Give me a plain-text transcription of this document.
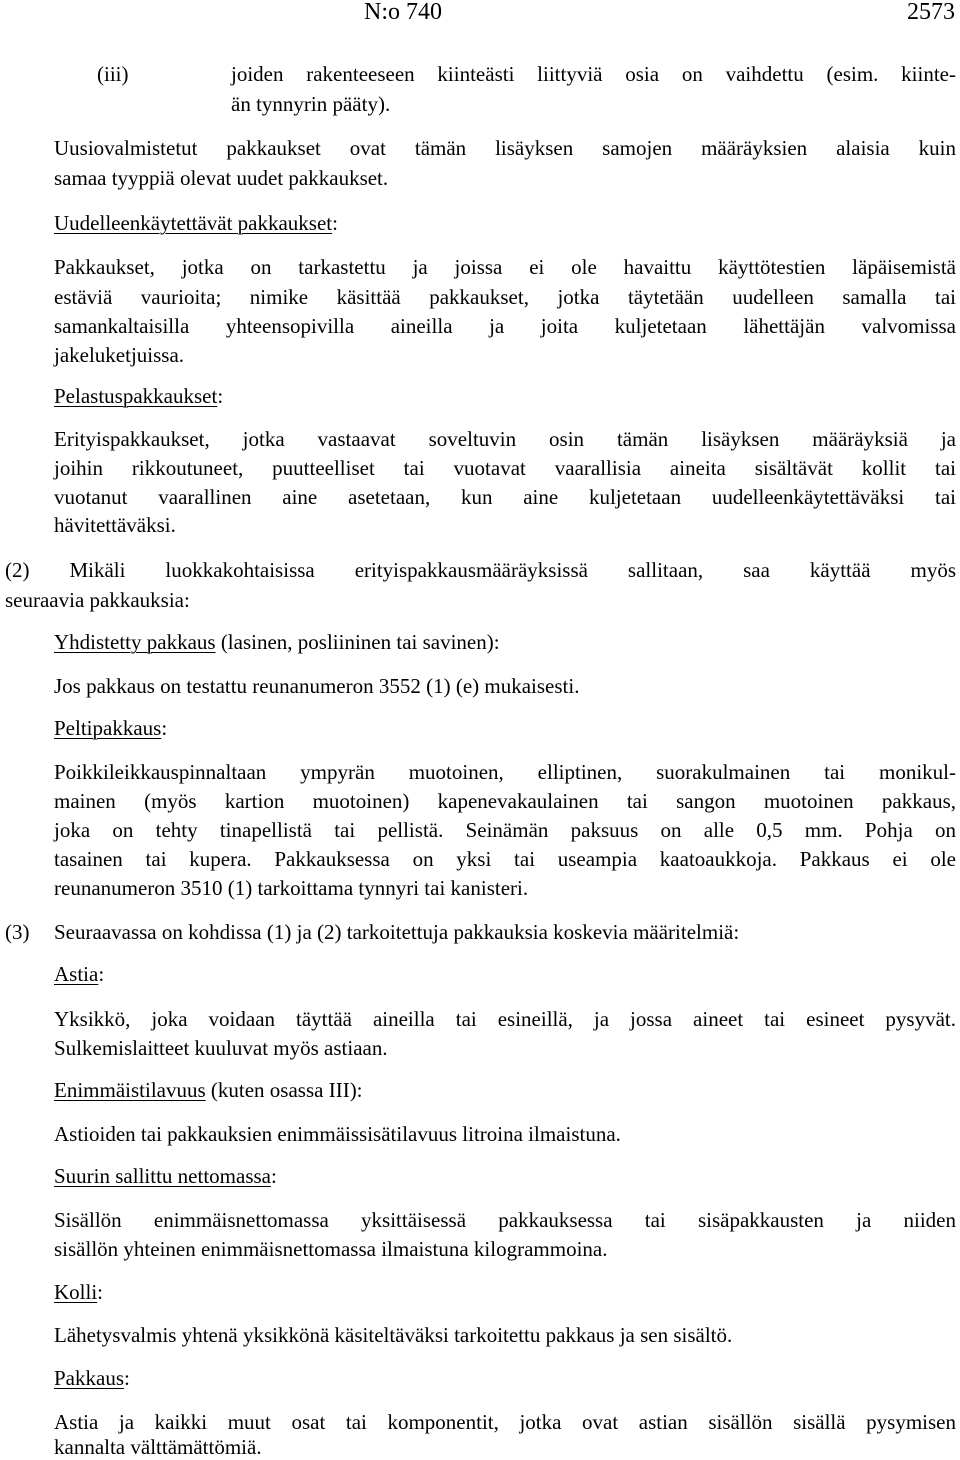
N:o 740	2573
(iii)	joiden rakenteeseen kiinteästi liittyviä osia on vaihdettu (esim. kiinte-
än tynnyrin pääty).
Uusiovalmistetut pakkaukset ovat tämän lisäyksen samojen määräyksien alaisia kuin
samaa tyyppiä olevat uudet pakkaukset.
Uudelleenkäytettävät pakkaukset:
Pakkaukset, jotka on tarkastettu ja joissa ei ole havaittu käyttötestien läpäisemistä
estäviä vaurioita; nimike käsittää pakkaukset, jotka täytetään uudelleen samalla tai
samankaltaisilla yhteensopivilla aineilla ja joita kuljetetaan lähettäjän valvomissa
jakeluketjuissa.
Pelastuspakkaukset:
Erityispakkaukset, jotka vastaavat soveltuvin osin tämän lisäyksen määräyksiä ja
joihin rikkoutuneet, puutteelliset tai vuotavat vaarallisia aineita sisältävät kollit tai
vuotanut vaarallinen aine asetetaan, kun aine kuljetetaan uudelleenkäytettäväksi tai
hävitettäväksi.
(2) Mikäli luokkakohtaisissa erityispakkausmääräyksissä sallitaan, saa käyttää myös
seuraavia pakkauksia:
Yhdistetty pakkaus (lasinen, posliininen tai savinen):
Jos pakkaus on testattu reunanumeron 3552 (1) (e) mukaisesti.
Peltipakkaus:
Poikkileikkauspinnaltaan ympyrän muotoinen, elliptinen, suorakulmainen tai monikul-
mainen (myös kartion muotoinen) kapenevakaulainen tai sangon muotoinen pakkaus,
joka on tehty tinapellistä tai pellistä. Seinämän paksuus on alle 0,5 mm. Pohja on
tasainen tai kupera. Pakkauksessa on yksi tai useampia kaatoaukkoja. Pakkaus ei ole
reunanumeron 3510 (1) tarkoittama tynnyri tai kanisteri.
(3) Seuraavassa on kohdissa (1) ja (2) tarkoitettuja pakkauksia koskevia määritelmiä:
Astia:
Yksikkö, joka voidaan täyttää aineilla tai esineillä, ja jossa aineet tai esineet pysyvät.
Sulkemislaitteet kuuluvat myös astiaan.
Enimmäistilavuus (kuten osassa III):
Astioiden tai pakkauksien enimmäissisätilavuus litroina ilmaistuna.
Suurin sallittu nettomassa:
Sisällön enimmäisnettomassa yksittäisessä pakkauksessa tai sisäpakkausten ja niiden
sisällön yhteinen enimmäisnettomassa ilmaistuna kilogrammoina.
Kolli:
Lähetysvalmis yhtenä yksikkönä käsiteltäväksi tarkoitettu pakkaus ja sen sisältö.
Pakkaus:
Astia ja kaikki muut osat tai komponentit, jotka ovat astian sisällön sisällä pysymisen
kannalta välttämättömiä.
